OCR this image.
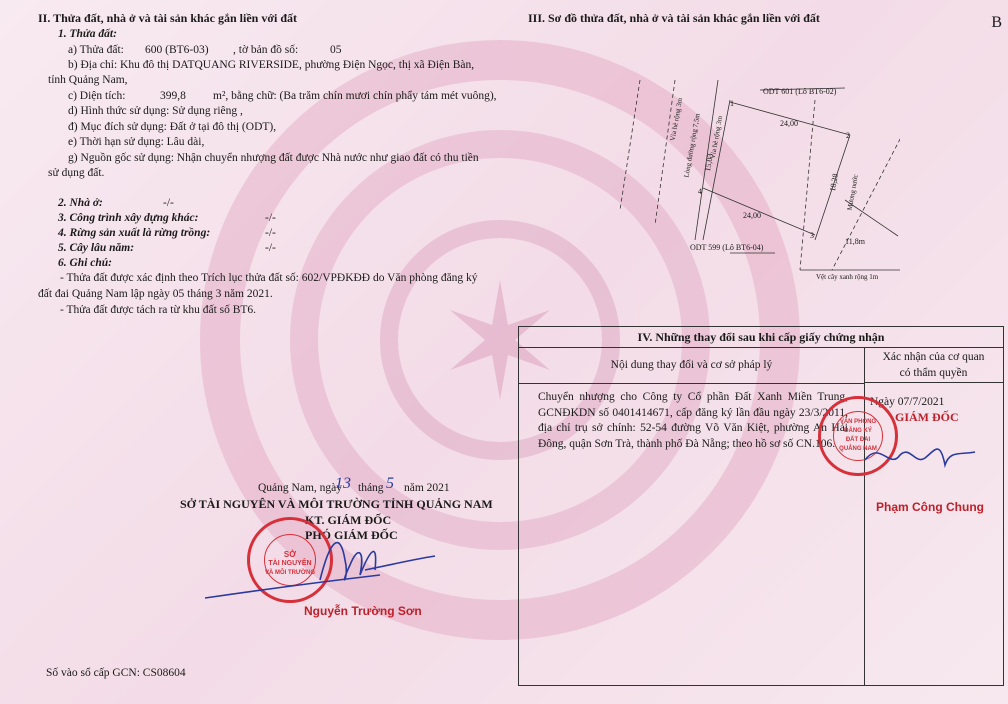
II. Thửa đất, nhà ở và tài sản khác gắn liền với đất
1. Thửa đất:
a) Thửa đất: 600 (BT6-03) , tờ bản đồ số:	05
b) Địa chỉ: Khu đô thị DATQUANG RIVERSIDE, phường Điện Ngọc, thị xã Điện Bàn,
tỉnh Quảng Nam,
c) Diện tích:	399,8 m², bằng chữ: (Ba trăm chín mươi chín phẩy tám mét vuông),
d) Hình thức sử dụng: Sử dụng riêng ,
đ) Mục đích sử dụng: Đất ở tại đô thị (ODT),
e) Thời hạn sử dụng: Lâu dài,
g) Nguồn gốc sử dụng: Nhận chuyển nhượng đất được Nhà nước như giao đất có thu tiền
sử dụng đất.
2. Nhà ở:	-/-
3. Công trình xây dựng khác:	-/-
4. Rừng sản xuất là rừng trồng:	-/-
5. Cây lâu năm:	-/-
6. Ghi chú:
- Thửa đất được xác định theo Trích lục thửa đất số: 602/VPĐKĐĐ do Văn phòng đăng ký
đất đai Quảng Nam lập ngày 05 tháng 3 năm 2021.
- Thửa đất được tách ra từ khu đất số BT6.
Quảng Nam, ngày
13 tháng 5 năm 2021
SỞ TÀI NGUYÊN VÀ MÔI TRƯỜNG TỈNH QUẢNG NAM
KT. GIÁM ĐỐC
PHÓ GIÁM ĐỐC
Nguyễn Trường Sơn
SỞ
TÀI NGUYÊN
VÀ MÔI TRƯỜNG
Số vào sổ cấp GCN: CS08604
III. Sơ đồ thửa đất, nhà ở và tài sản khác gắn liền với đất
ODT 601 (Lô BT6-02)
ODT 599 (Lô BT6-04)
24,00
24,00
18,28
15,03
11,8m
Vỉa hè rộng 3m
Lòng đường rộng 7,5m	Vỉa hè rộng 3m
Mương nước
Vệt cây xanh rộng 1m
1
2
3
4
IV. Những thay đổi sau khi cấp giấy chứng nhận
Nội dung thay đổi và cơ sở pháp lý
Xác nhận của cơ quan
có thẩm quyền
Chuyển nhượng cho Công ty Cổ phần Đất Xanh Miền Trung, GCNĐKDN số 0401414671, cấp đăng ký lần đầu ngày 23/3/2011, địa chỉ trụ sở chính: 52-54 đường Võ Văn Kiệt, phường An Hải Đông, quận Sơn Trà, thành phố Đà Nẵng; theo hồ sơ số CN.106.
Ngày 07/7/2021
GIÁM ĐỐC
VĂN PHÒNG
ĐĂNG KÝ
ĐẤT ĐAI
QUẢNG NAM
Phạm Công Chung
B
